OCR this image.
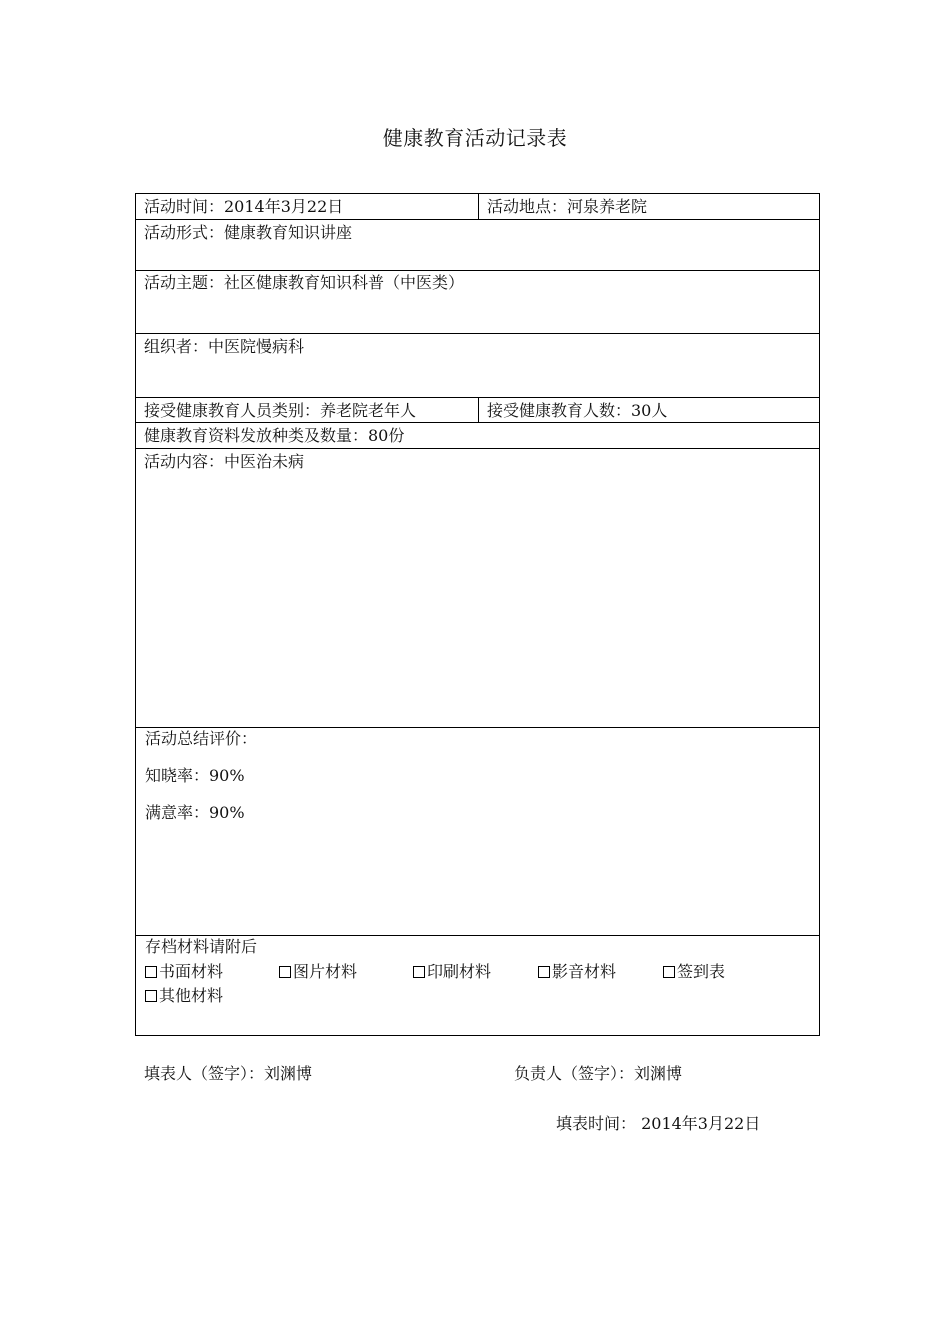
健康教育活动记录表
活动时间：2014年3月22日	活动地点：河泉养老院
活动形式：健康教育知识讲座
活动主题：社区健康教育知识科普（中医类）
组织者：中医院慢病科
接受健康教育人员类别：养老院老年人	接受健康教育人数：30人
健康教育资料发放种类及数量：80份
活动内容：中医治未病
活动总结评价：
知晓率：90%
满意率：90%
存档材料请附后
书面材料	图片材料	印刷材料	影音材料	签到表
其他材料
填表人（签字）：刘渊博	负责人（签字）：刘渊博
填表时间： 2014年3月22日
